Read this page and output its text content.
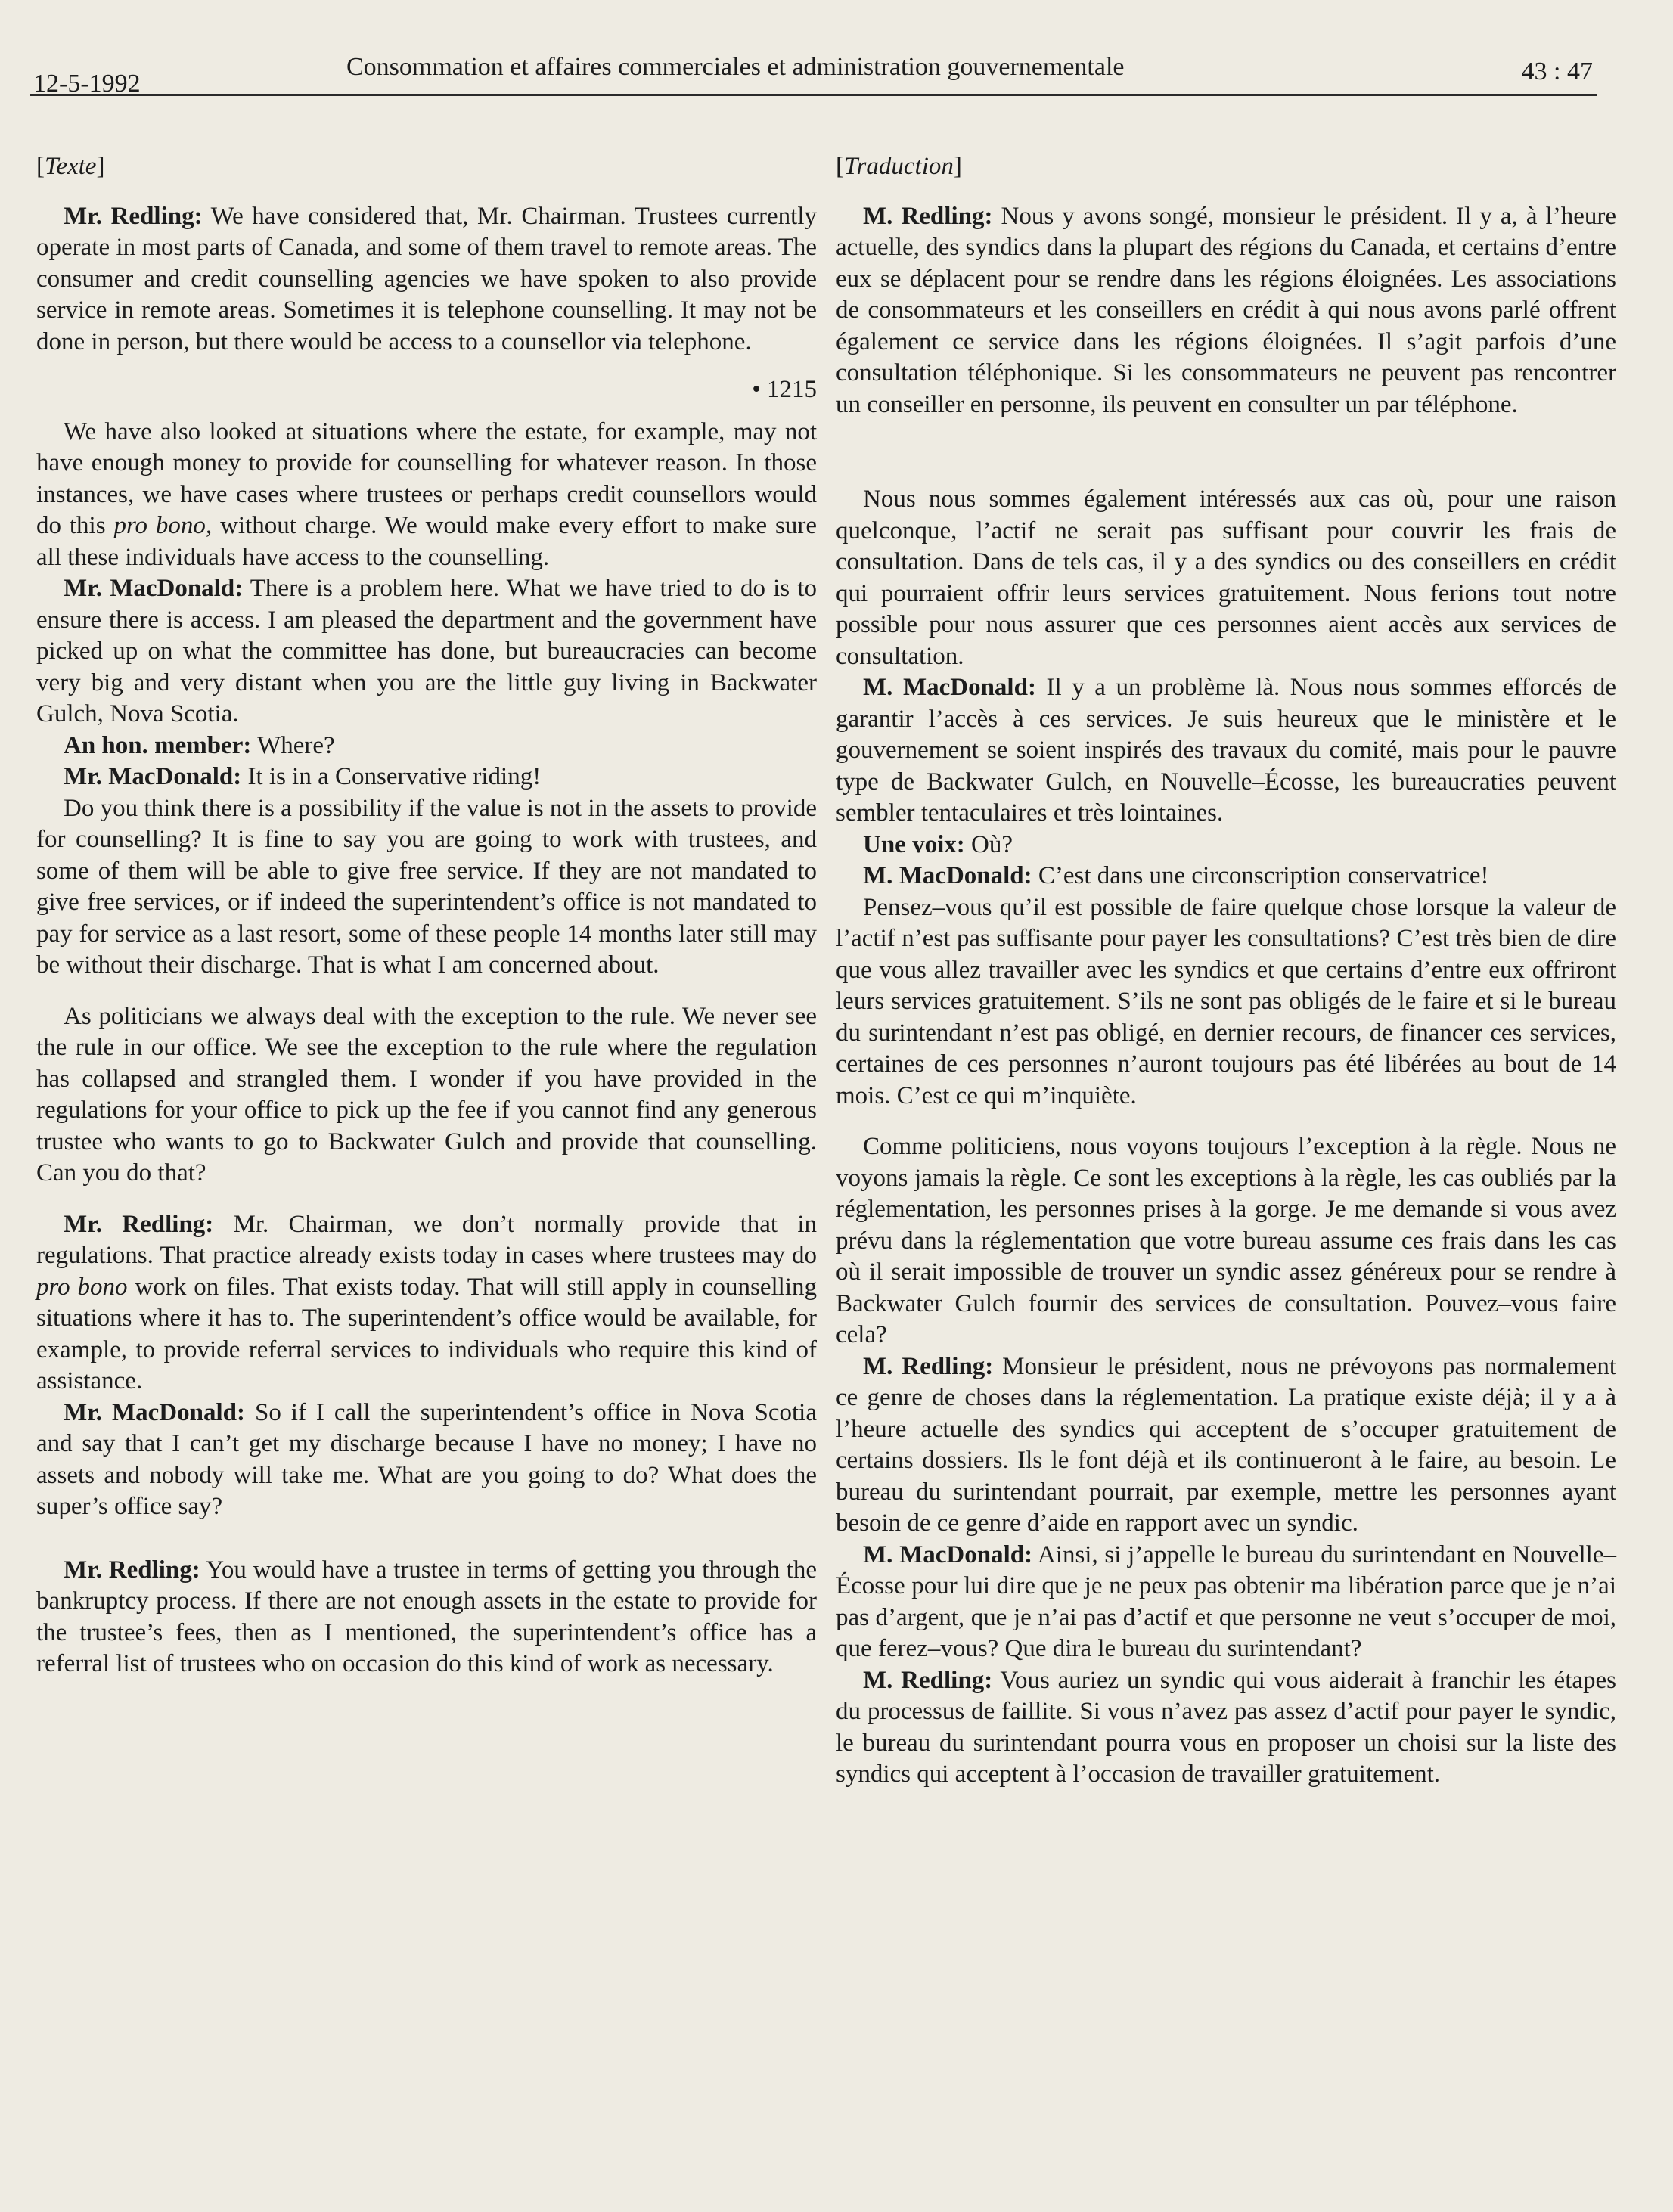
12-5-1992
Consommation et affaires commerciales et administration gouvernementale	43 : 47
[Texte]

Mr. Redling: We have considered that, Mr. Chairman. Trustees currently operate in most parts of Canada, and some of them travel to remote areas. The consumer and credit counselling agencies we have spoken to also provide service in remote areas. Sometimes it is telephone counselling. It may not be done in person, but there would be access to a counsellor via telephone.

• 1215

We have also looked at situations where the estate, for example, may not have enough money to provide for counselling for whatever reason. In those instances, we have cases where trustees or perhaps credit counsellors would do this pro bono, without charge. We would make every effort to make sure all these individuals have access to the counselling.

Mr. MacDonald: There is a problem here. What we have tried to do is to ensure there is access. I am pleased the department and the government have picked up on what the committee has done, but bureaucracies can become very big and very distant when you are the little guy living in Backwater Gulch, Nova Scotia.

An hon. member: Where?

Mr. MacDonald: It is in a Conservative riding!

Do you think there is a possibility if the value is not in the assets to provide for counselling? It is fine to say you are going to work with trustees, and some of them will be able to give free service. If they are not mandated to give free services, or if indeed the superintendent’s office is not mandated to pay for service as a last resort, some of these people 14 months later still may be without their discharge. That is what I am concerned about.

As politicians we always deal with the exception to the rule. We never see the rule in our office. We see the exception to the rule where the regulation has collapsed and strangled them. I wonder if you have provided in the regulations for your office to pick up the fee if you cannot find any generous trustee who wants to go to Backwater Gulch and provide that counselling. Can you do that?

Mr. Redling: Mr. Chairman, we don’t normally provide that in regulations. That practice already exists today in cases where trustees may do pro bono work on files. That exists today. That will still apply in counselling situations where it has to. The superintendent’s office would be available, for example, to provide referral services to individuals who require this kind of assistance.

Mr. MacDonald: So if I call the superintendent’s office in Nova Scotia and say that I can’t get my discharge because I have no money; I have no assets and nobody will take me. What are you going to do? What does the super’s office say?

Mr. Redling: You would have a trustee in terms of getting you through the bankruptcy process. If there are not enough assets in the estate to provide for the trustee’s fees, then as I mentioned, the superintendent’s office has a referral list of trustees who on occasion do this kind of work as necessary.

[Traduction]

M. Redling: Nous y avons songé, monsieur le président. Il y a, à l’heure actuelle, des syndics dans la plupart des régions du Canada, et certains d’entre eux se déplacent pour se rendre dans les régions éloignées. Les associations de consommateurs et les conseillers en crédit à qui nous avons parlé offrent également ce service dans les régions éloignées. Il s’agit parfois d’une consultation téléphonique. Si les consommateurs ne peuvent pas rencontrer un conseiller en personne, ils peuvent en consulter un par téléphone.

Nous nous sommes également intéressés aux cas où, pour une raison quelconque, l’actif ne serait pas suffisant pour couvrir les frais de consultation. Dans de tels cas, il y a des syndics ou des conseillers en crédit qui pourraient offrir leurs services gratuitement. Nous ferions tout notre possible pour nous assurer que ces personnes aient accès aux services de consultation.

M. MacDonald: Il y a un problème là. Nous nous sommes efforcés de garantir l’accès à ces services. Je suis heureux que le ministère et le gouvernement se soient inspirés des travaux du comité, mais pour le pauvre type de Backwater Gulch, en Nouvelle–Écosse, les bureaucraties peuvent sembler tentaculaires et très lointaines.

Une voix: Où?

M. MacDonald: C’est dans une circonscription conservatrice!

Pensez–vous qu’il est possible de faire quelque chose lorsque la valeur de l’actif n’est pas suffisante pour payer les consultations? C’est très bien de dire que vous allez travailler avec les syndics et que certains d’entre eux offriront leurs services gratuitement. S’ils ne sont pas obligés de le faire et si le bureau du surintendant n’est pas obligé, en dernier recours, de financer ces services, certaines de ces personnes n’auront toujours pas été libérées au bout de 14 mois. C’est ce qui m’inquiète.

Comme politiciens, nous voyons toujours l’exception à la règle. Nous ne voyons jamais la règle. Ce sont les exceptions à la règle, les cas oubliés par la réglementation, les personnes prises à la gorge. Je me demande si vous avez prévu dans la réglementation que votre bureau assume ces frais dans les cas où il serait impossible de trouver un syndic assez généreux pour se rendre à Backwater Gulch fournir des services de consultation. Pouvez–vous faire cela?

M. Redling: Monsieur le président, nous ne prévoyons pas normalement ce genre de choses dans la réglementation. La pratique existe déjà; il y a à l’heure actuelle des syndics qui acceptent de s’occuper gratuitement de certains dossiers. Ils le font déjà et ils continueront à le faire, au besoin. Le bureau du surintendant pourrait, par exemple, mettre les personnes ayant besoin de ce genre d’aide en rapport avec un syndic.

M. MacDonald: Ainsi, si j’appelle le bureau du surintendant en Nouvelle–Écosse pour lui dire que je ne peux pas obtenir ma libération parce que je n’ai pas d’argent, que je n’ai pas d’actif et que personne ne veut s’occuper de moi, que ferez–vous? Que dira le bureau du surintendant?

M. Redling: Vous auriez un syndic qui vous aiderait à franchir les étapes du processus de faillite. Si vous n’avez pas assez d’actif pour payer le syndic, le bureau du surintendant pourra vous en proposer un choisi sur la liste des syndics qui acceptent à l’occasion de travailler gratuitement.
